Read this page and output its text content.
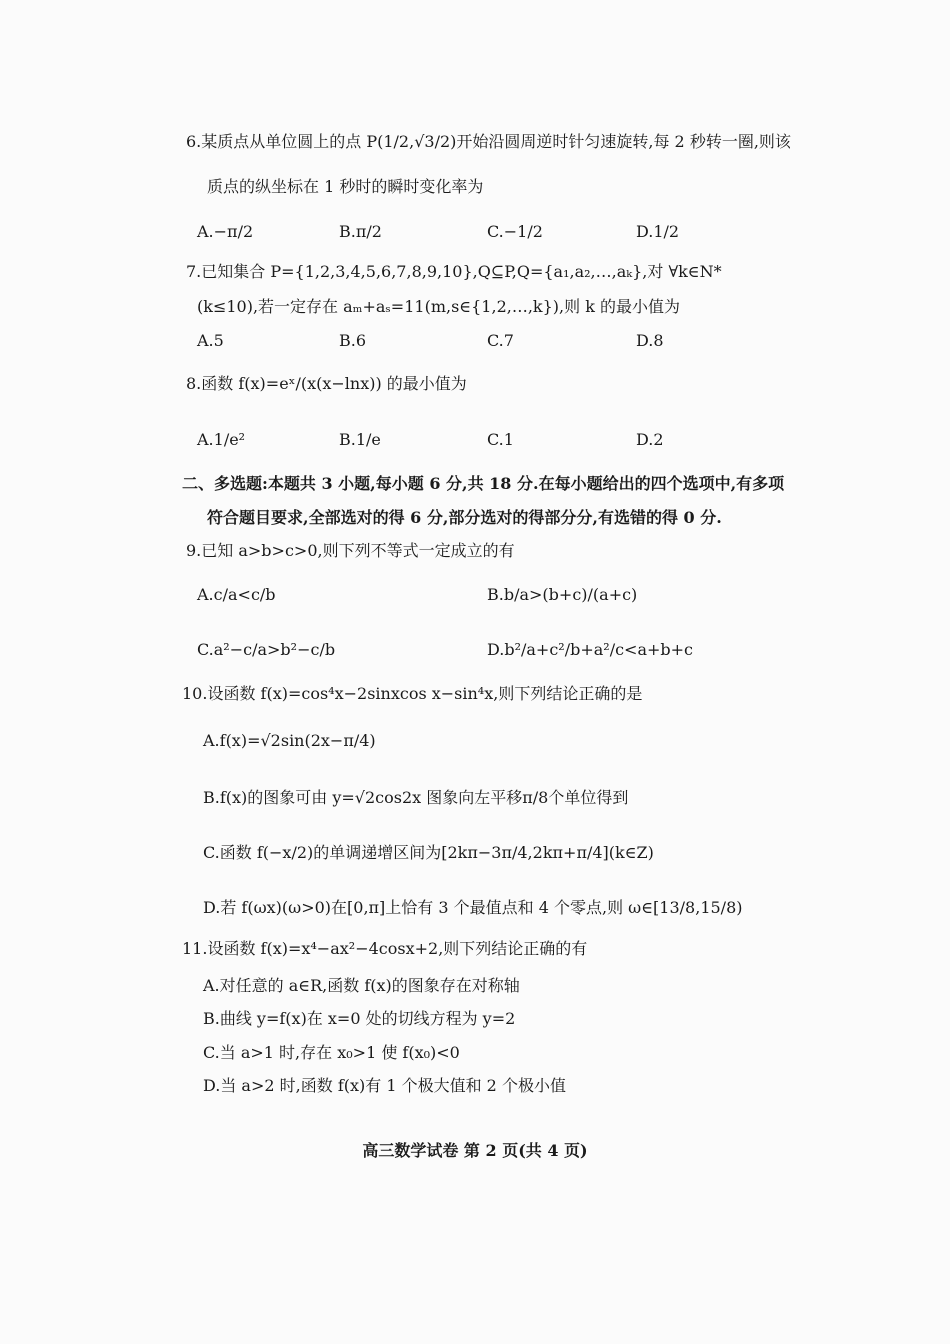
6.某质点从单位圆上的点 P(1/2,√3/2)开始沿圆周逆时针匀速旋转,每 2 秒转一圈,则该
质点的纵坐标在 1 秒时的瞬时变化率为
A.−π/2	B.π/2	C.−1/2	D.1/2
7.已知集合 P={1,2,3,4,5,6,7,8,9,10},Q⊆P,Q={a₁,a₂,…,aₖ},对 ∀k∈N*
(k≤10),若一定存在 aₘ+aₛ=11(m,s∈{1,2,…,k}),则 k 的最小值为
A.5	B.6	C.7	D.8
8.函数 f(x)=eˣ/(x(x−lnx)) 的最小值为
A.1/e²	B.1/e	C.1	D.2
二、多选题:本题共 3 小题,每小题 6 分,共 18 分.在每小题给出的四个选项中,有多项
符合题目要求,全部选对的得 6 分,部分选对的得部分分,有选错的得 0 分.
9.已知 a>b>c>0,则下列不等式一定成立的有
A.c/a<c/b	B.b/a>(b+c)/(a+c)
C.a²−c/a>b²−c/b	D.b²/a+c²/b+a²/c<a+b+c
10.设函数 f(x)=cos⁴x−2sinxcos x−sin⁴x,则下列结论正确的是
A.f(x)=√2sin(2x−π/4)
B.f(x)的图象可由 y=√2cos2x 图象向左平移π/8个单位得到
C.函数 f(−x/2)的单调递增区间为[2kπ−3π/4,2kπ+π/4](k∈Z)
D.若 f(ωx)(ω>0)在[0,π]上恰有 3 个最值点和 4 个零点,则 ω∈[13/8,15/8)
11.设函数 f(x)=x⁴−ax²−4cosx+2,则下列结论正确的有
A.对任意的 a∈R,函数 f(x)的图象存在对称轴
B.曲线 y=f(x)在 x=0 处的切线方程为 y=2
C.当 a>1 时,存在 x₀>1 使 f(x₀)<0
D.当 a>2 时,函数 f(x)有 1 个极大值和 2 个极小值
高三数学试卷 第 2 页(共 4 页)
